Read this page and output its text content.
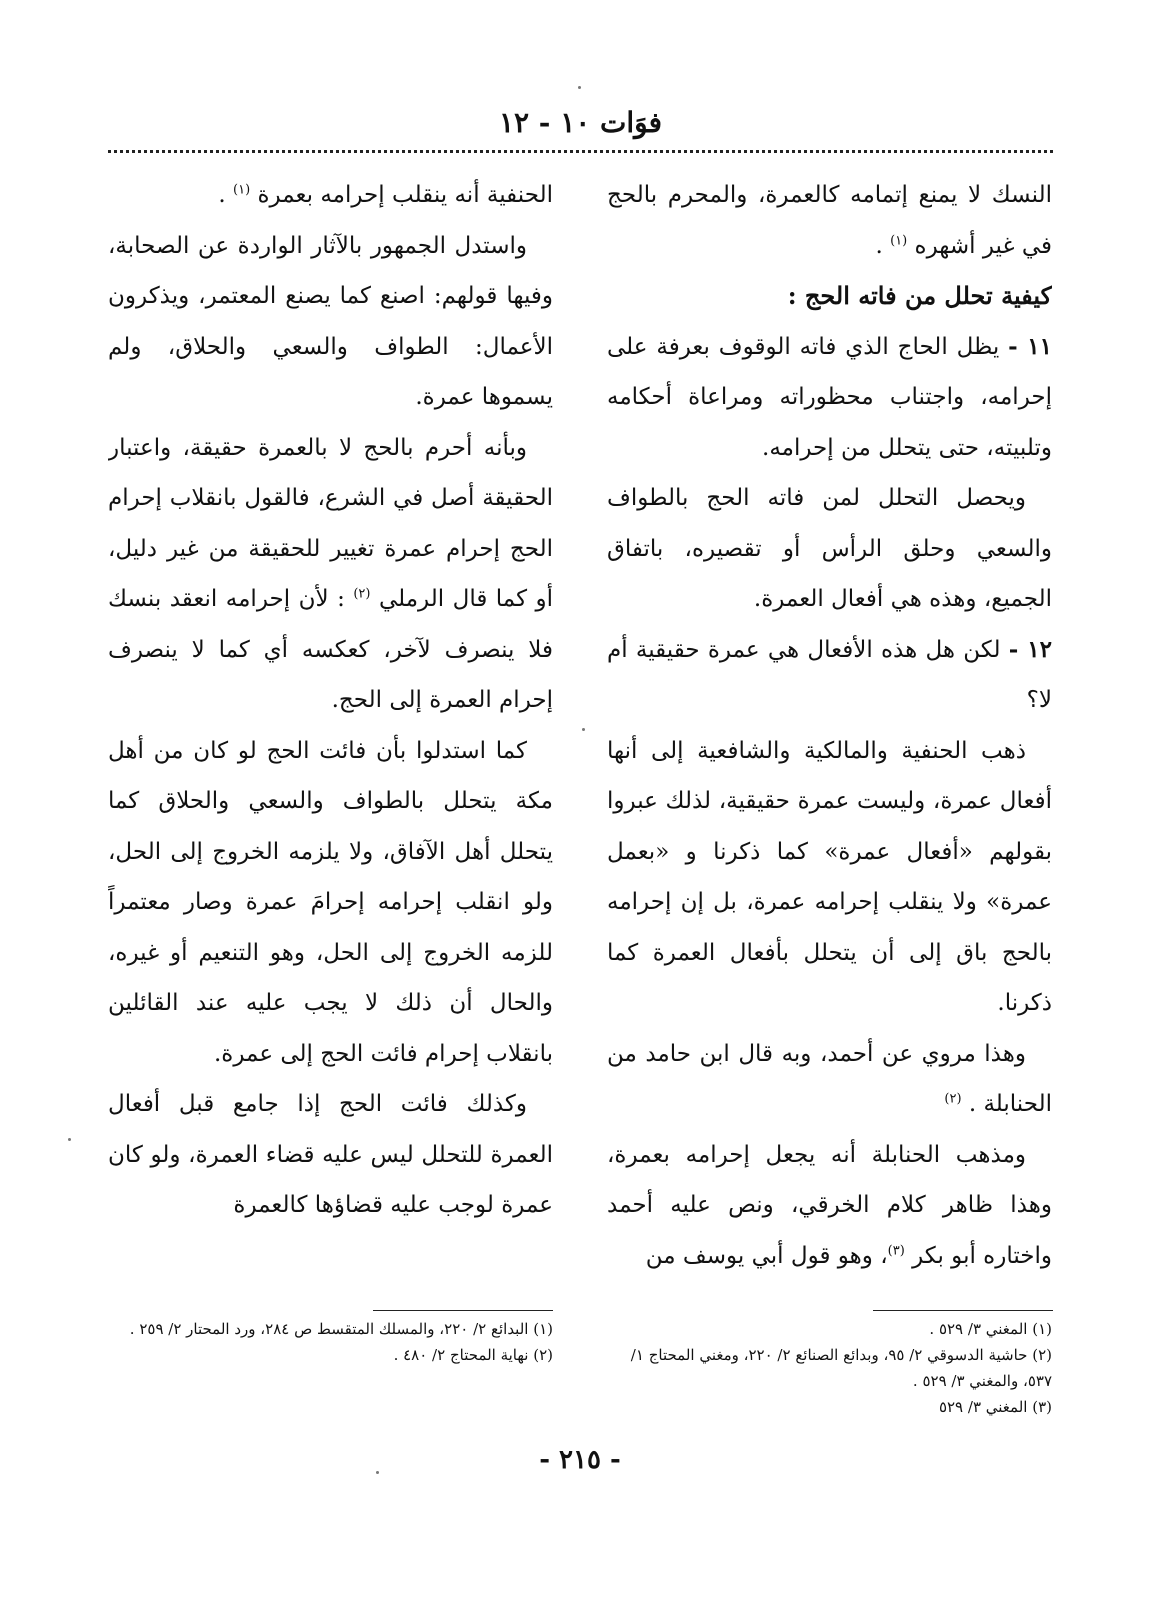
فوَات ١٠ - ١٢

النسك لا يمنع إتمامه كالعمرة، والمحرم بالحج في غير أشهره $^{(١)}$ .

كيفية تحلل من فاته الحج :

١١ - يظل الحاج الذي فاته الوقوف بعرفة على إحرامه، واجتناب محظوراته ومراعاة أحكامه وتلبيته، حتى يتحلل من إحرامه.

ويحصل التحلل لمن فاته الحج بالطواف والسعي وحلق الرأس أو تقصيره، باتفاق الجميع، وهذه هي أفعال العمرة.

١٢ - لكن هل هذه الأفعال هي عمرة حقيقية أم لا؟

ذهب الحنفية والمالكية والشافعية إلى أنها أفعال عمرة، وليست عمرة حقيقية، لذلك عبروا بقولهم «أفعال عمرة» كما ذكرنا و «بعمل عمرة» ولا ينقلب إحرامه عمرة، بل إن إحرامه بالحج باق إلى أن يتحلل بأفعال العمرة كما ذكرنا.

وهذا مروي عن أحمد، وبه قال ابن حامد من الحنابلة . $^{(٢)}$

ومذهب الحنابلة أنه يجعل إحرامه بعمرة، وهذا ظاهر كلام الخرقي، ونص عليه أحمد واختاره أبو بكر $^{(٣)}$، وهو قول أبي يوسف من

الحنفية أنه ينقلب إحرامه بعمرة $^{(١)}$ .

واستدل الجمهور بالآثار الواردة عن الصحابة، وفيها قولهم: اصنع كما يصنع المعتمر، ويذكرون الأعمال: الطواف والسعي والحلاق، ولم يسموها عمرة.

وبأنه أحرم بالحج لا بالعمرة حقيقة، واعتبار الحقيقة أصل في الشرع، فالقول بانقلاب إحرام الحج إحرام عمرة تغيير للحقيقة من غير دليل، أو كما قال الرملي $^{(٢)}$ : لأن إحرامه انعقد بنسك فلا ينصرف لآخر، كعكسه أي كما لا ينصرف إحرام العمرة إلى الحج.

كما استدلوا بأن فائت الحج لو كان من أهل مكة يتحلل بالطواف والسعي والحلاق كما يتحلل أهل الآفاق، ولا يلزمه الخروج إلى الحل، ولو انقلب إحرامه إحرامَ عمرة وصار معتمراً للزمه الخروج إلى الحل، وهو التنعيم أو غيره، والحال أن ذلك لا يجب عليه عند القائلين بانقلاب إحرام فائت الحج إلى عمرة.

وكذلك فائت الحج إذا جامع قبل أفعال العمرة للتحلل ليس عليه قضاء العمرة، ولو كان عمرة لوجب عليه قضاؤها كالعمرة

(١) المغني ٣/ ٥٢٩ .

(٢) حاشية الدسوقي ٢/ ٩٥، وبدائع الصنائع ٢/ ٢٢٠، ومغني المحتاج ١/ ٥٣٧، والمغني ٣/ ٥٢٩ .

(٣) المغني ٣/ ٥٢٩

(١) البدائع ٢/ ٢٢٠، والمسلك المتقسط ص ٢٨٤، ورد المحتار ٢/ ٢٥٩ .

(٢) نهاية المحتاج ٢/ ٤٨٠ .

- ٢١٥ -
